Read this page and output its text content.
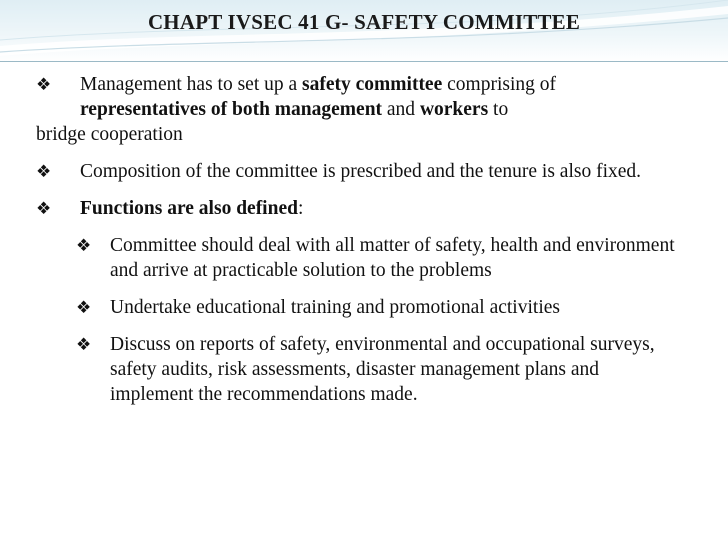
CHAPT IVSEC 41 G- SAFETY COMMITTEE
❖ Management has to set up a safety committee comprising of
representatives of both management and workers to
bridge cooperation
❖ Composition of the committee is prescribed and the tenure is also fixed.
❖ Functions are also defined:
❖ Committee should deal with all matter of safety, health and environment and arrive at practicable solution to the problems
❖ Undertake educational training and promotional activities
❖ Discuss on reports of safety, environmental and occupational surveys, safety audits, risk assessments, disaster management plans and implement the recommendations made.
